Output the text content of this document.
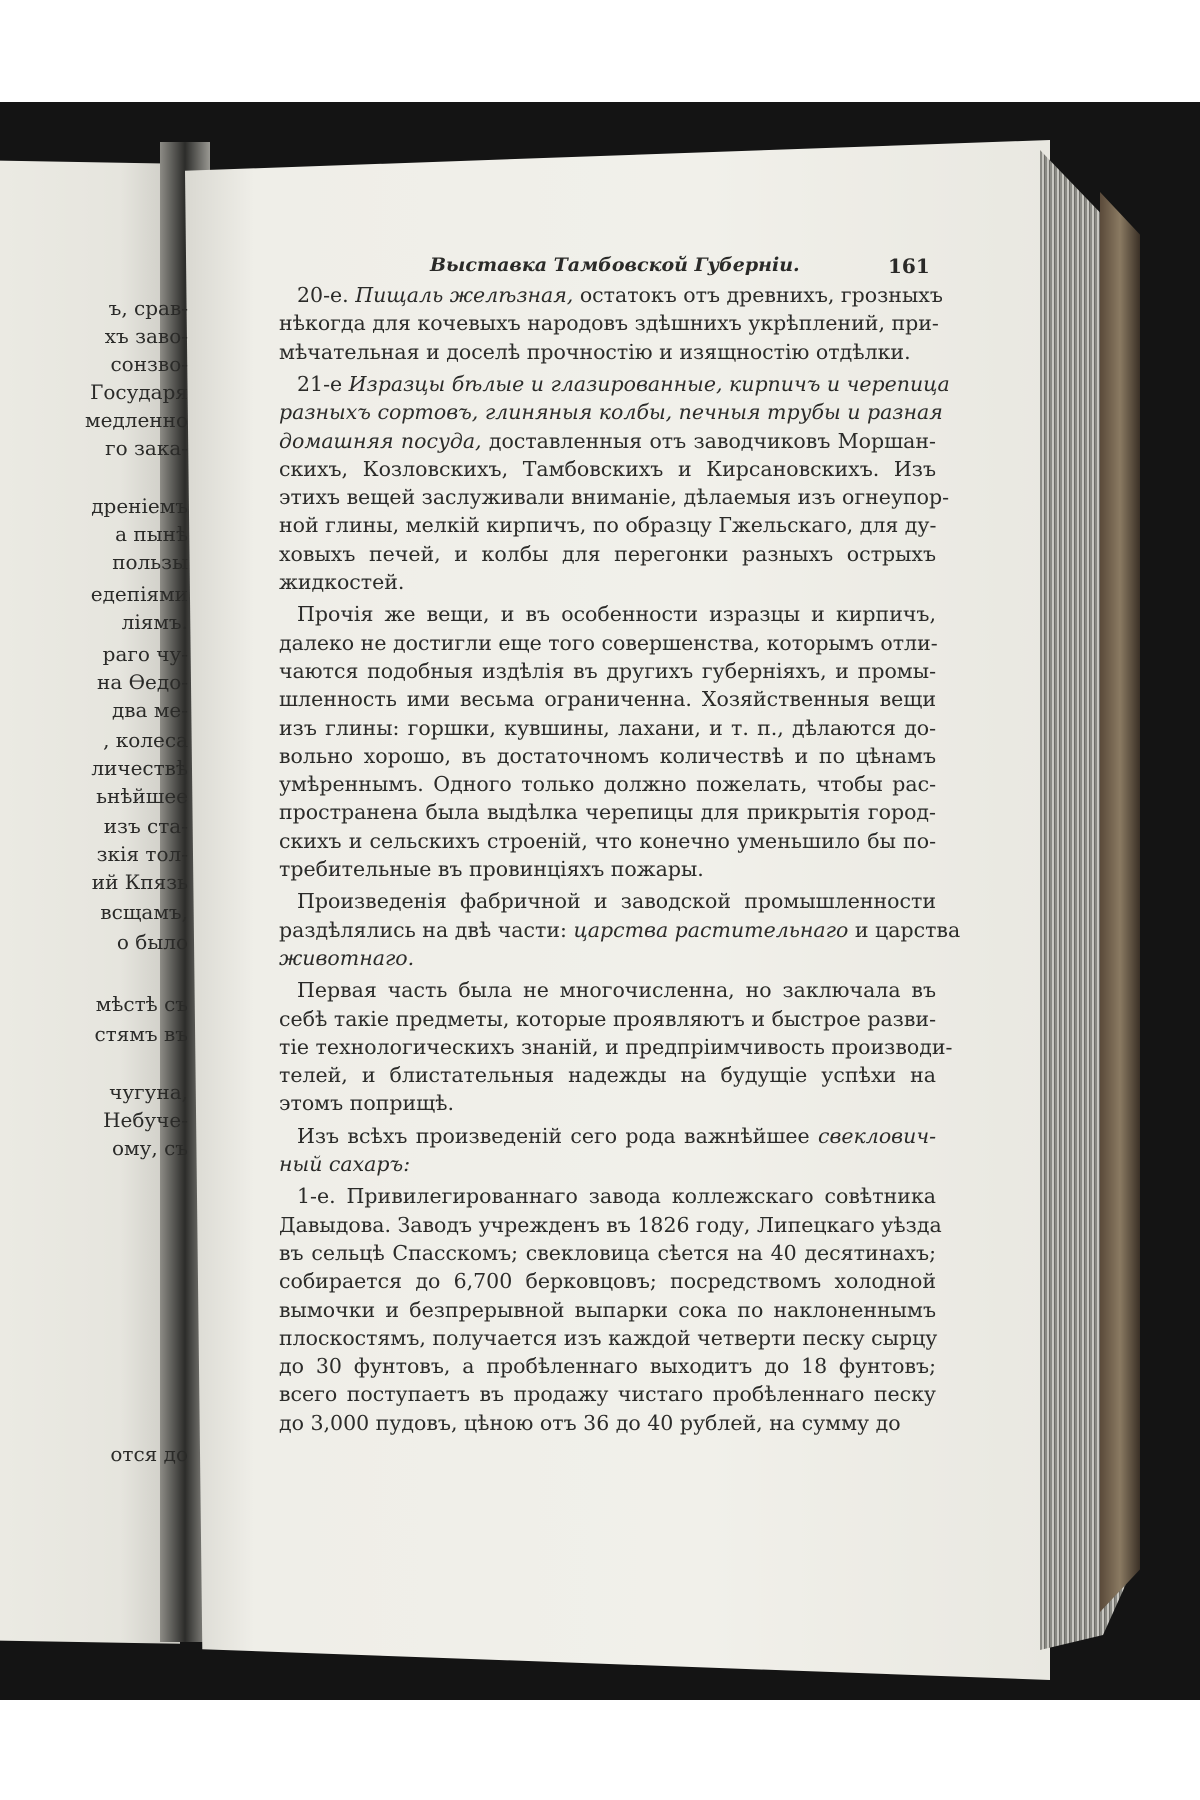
ъ, срав-
хъ заво-
сонзво-
Государя
медленно
го зака-
дреніемъ
а пынѣ
пользы
едепіями
ліямъ.
раго чу-
на Ѳедо-
два ме-
, колеса
личествѣ
ьнѣйшее
изъ ста-
зкія тол-
ий Кпязь
всщамъ,
о было
мѣстѣ съ
стямъ въ
чугуна,
Небуче-
ому, съ
отся до
Выставка Тамбовской Губерніи.	161
20-е. Пищаль желѣзная, остатокъ отъ древнихъ, грозныхъ
нѣкогда для кочевыхъ народовъ здѣшнихъ укрѣплений, при-
мѣчательная и доселѣ прочностію и изящностію отдѣлки.
21-е Изразцы бѣлые и глазированные, кирпичъ и черепица
разныхъ сортовъ, глиняныя колбы, печныя трубы и разная
домашняя посуда, доставленныя отъ заводчиковъ Моршан-
скихъ, Козловскихъ, Тамбовскихъ и Кирсановскихъ. Изъ
этихъ вещей заслуживали вниманіе, дѣлаемыя изъ огнеупор-
ной глины, мелкій кирпичъ, по образцу Гжельскаго, для ду-
ховыхъ печей, и колбы для перегонки разныхъ острыхъ
жидкостей.
Прочія же вещи, и въ особенности изразцы и кирпичъ,
далеко не достигли еще того совершенства, которымъ отли-
чаются подобныя издѣлія въ другихъ губерніяхъ, и промы-
шленность ими весьма ограниченна. Хозяйственныя вещи
изъ глины: горшки, кувшины, лахани, и т. п., дѣлаются до-
вольно хорошо, въ достаточномъ количествѣ и по цѣнамъ
умѣреннымъ. Одного только должно пожелать, чтобы рас-
пространена была выдѣлка черепицы для прикрытія город-
скихъ и сельскихъ строеній, что конечно уменьшило бы по-
требительные въ провинціяхъ пожары.
Произведенія фабричной и заводской промышленности
раздѣлялись на двѣ части: царства растительнаго и царства
животнаго.
Первая часть была не многочисленна, но заключала въ
себѣ такіе предметы, которые проявляютъ и быстрое разви-
тіе технологическихъ знаній, и предпріимчивость производи-
телей, и блистательныя надежды на будущіе успѣхи на
этомъ поприщѣ.
Изъ всѣхъ произведеній сего рода важнѣйшее свеклович-
ный сахаръ:
1-е. Привилегированнаго завода коллежскаго совѣтника
Давыдова. Заводъ учрежденъ въ 1826 году, Липецкаго уѣзда
въ сельцѣ Спасскомъ; свекловица сѣется на 40 десятинахъ;
собирается до 6,700 берковцовъ; посредствомъ холодной
вымочки и безпрерывной выпарки сока по наклоненнымъ
плоскостямъ, получается изъ каждой четверти песку сырцу
до 30 фунтовъ, а пробѣленнаго выходитъ до 18 фунтовъ;
всего поступаетъ въ продажу чистаго пробѣленнаго песку
до 3,000 пудовъ, цѣною отъ 36 до 40 рублей, на сумму до
